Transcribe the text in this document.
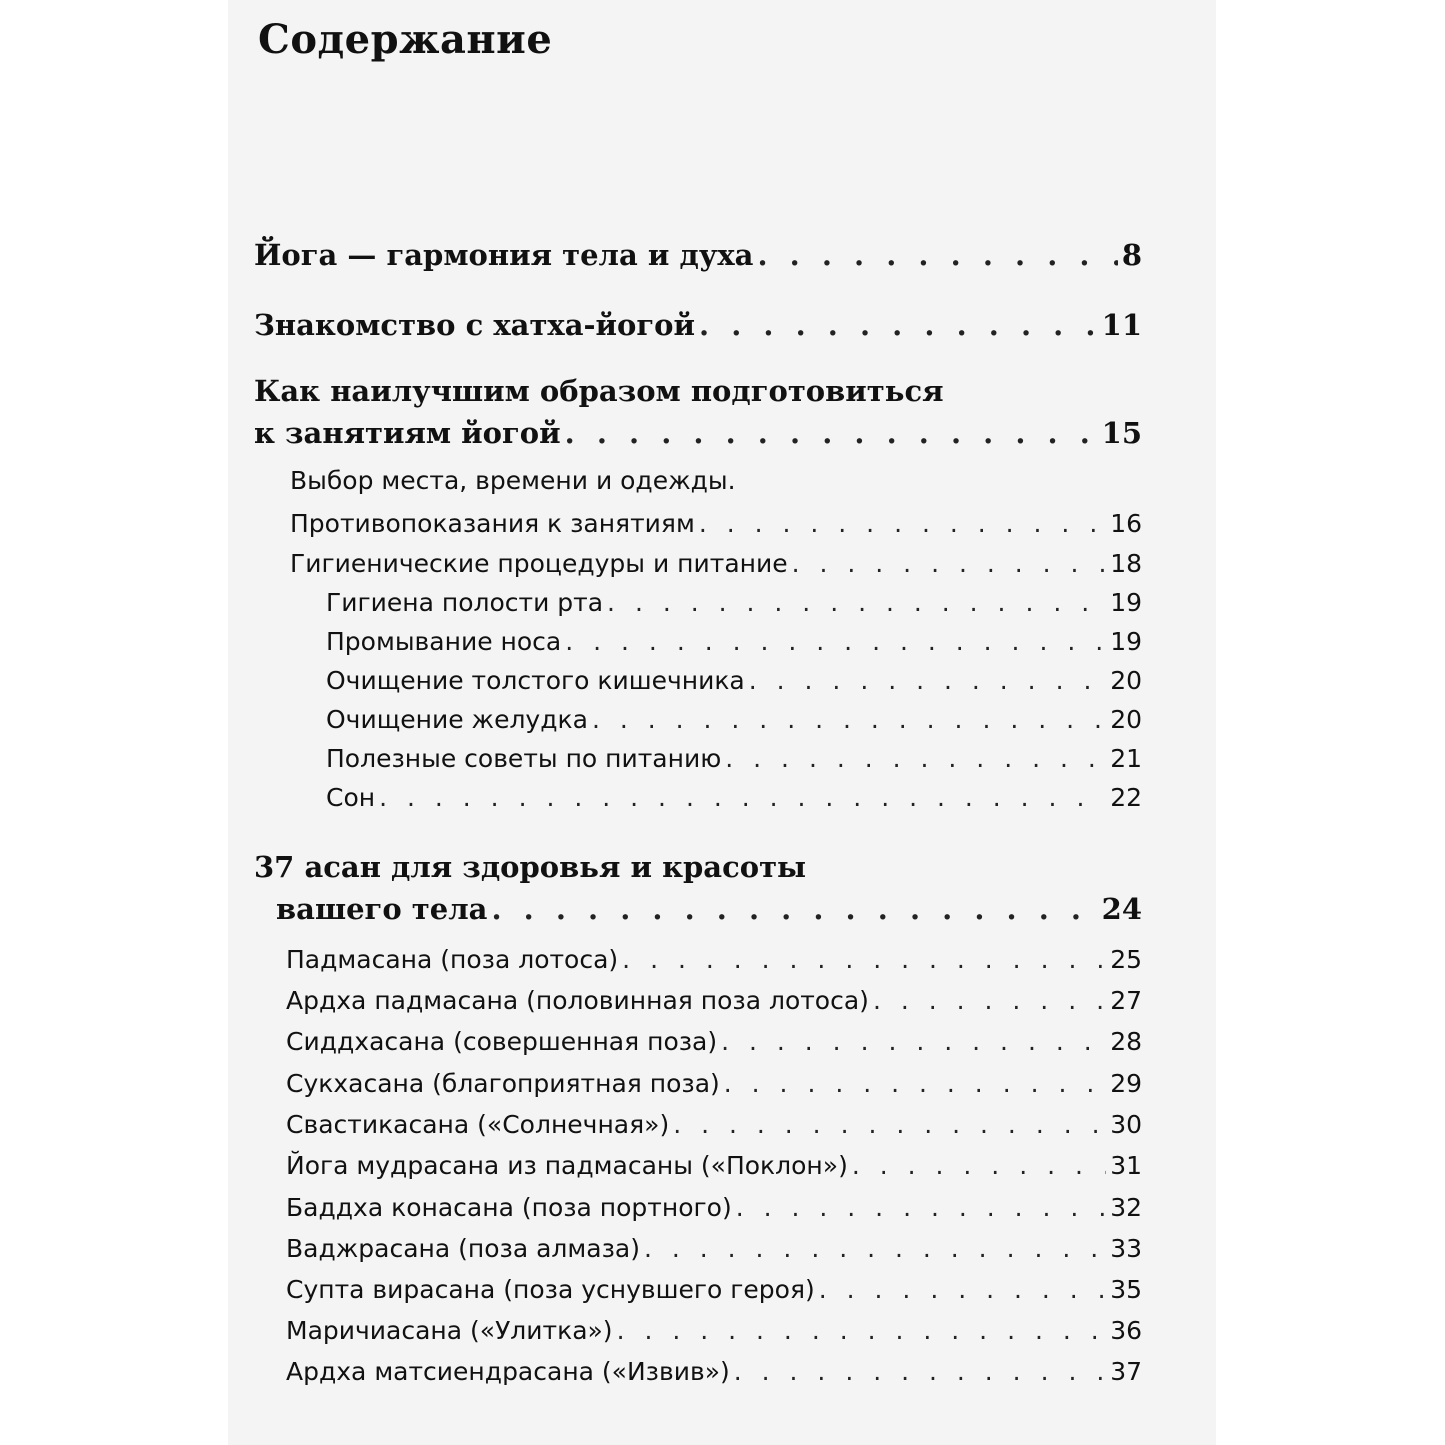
Содержание
Йога — гармония тела и духа . . .	8
Знакомство с хатха-йогой . . .	11
Как наилучшим образом подготовиться
к занятиям йогой . . .	15
Выбор места, времени и одежды.
Противопоказания к занятиям . . .	16
Гигиенические процедуры и питание . . .	18
Гигиена полости рта . . .	19
Промывание носа . . .	19
Очищение толстого кишечника . . .	20
Очищение желудка . . .	20
Полезные советы по питанию . . .	21
Сон . . .	22
37 асан для здоровья и красоты
вашего тела . . .	24
Падмасана (поза лотоса) . . .	25
Ардха падмасана (половинная поза лотоса) . . .	27
Сиддхасана (совершенная поза) . . .	28
Сукхасана (благоприятная поза) . . .	29
Свастикасана («Солнечная») . . .	30
Йога мудрасана из падмасаны («Поклон») . . .	31
Баддха конасана (поза портного) . . .	32
Ваджрасана (поза алмаза) . . .	33
Супта вирасана (поза уснувшего героя) . . .	35
Маричиасана («Улитка») . . .	36
Ардха матсиендрасана («Извив») . . .	37
